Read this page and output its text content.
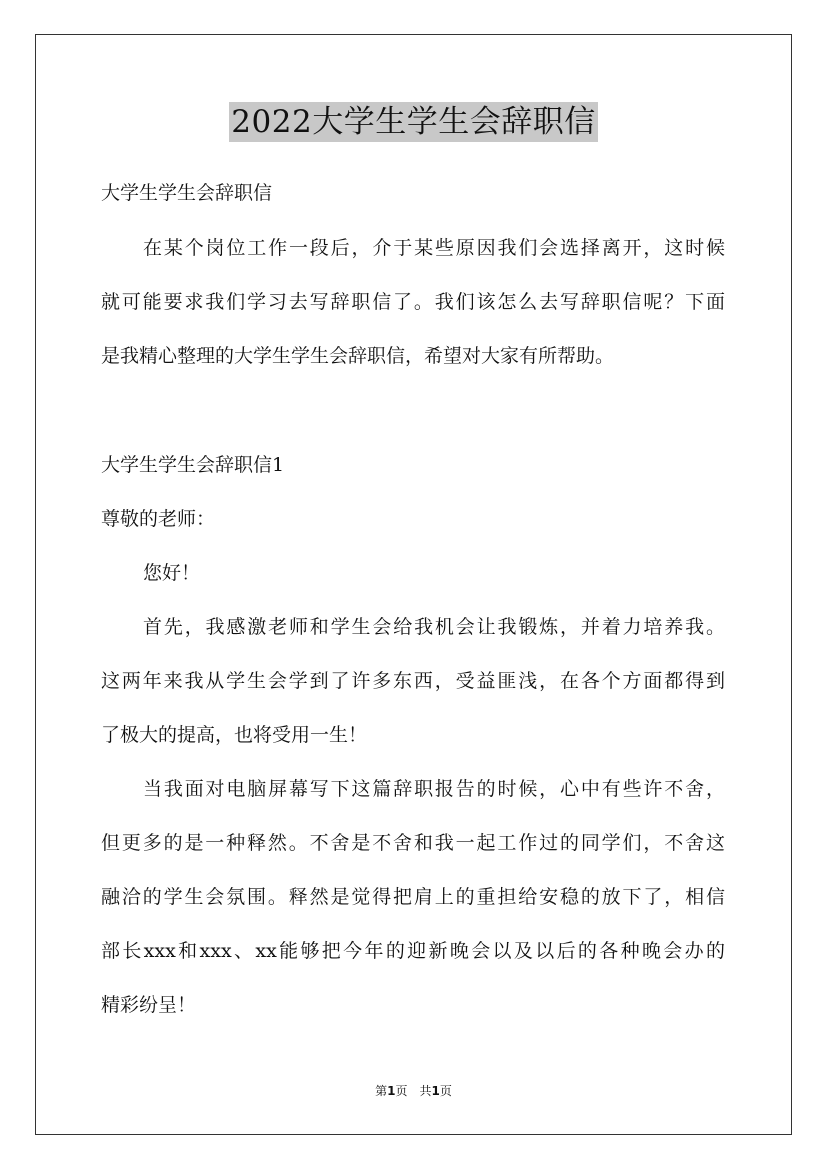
2022大学生学生会辞职信
大学生学生会辞职信
在某个岗位工作一段后，介于某些原因我们会选择离开，这时候
就可能要求我们学习去写辞职信了。我们该怎么去写辞职信呢？下面
是我精心整理的大学生学生会辞职信，希望对大家有所帮助。
大学生学生会辞职信1
尊敬的老师：
您好！
首先，我感激老师和学生会给我机会让我锻炼，并着力培养我。
这两年来我从学生会学到了许多东西，受益匪浅，在各个方面都得到
了极大的提高，也将受用一生！
当我面对电脑屏幕写下这篇辞职报告的时候，心中有些许不舍，
但更多的是一种释然。不舍是不舍和我一起工作过的同学们，不舍这
融洽的学生会氛围。释然是觉得把肩上的重担给安稳的放下了，相信
部长xxx和xxx、xx能够把今年的迎新晚会以及以后的各种晚会办的
精彩纷呈！
第1页　共1页
